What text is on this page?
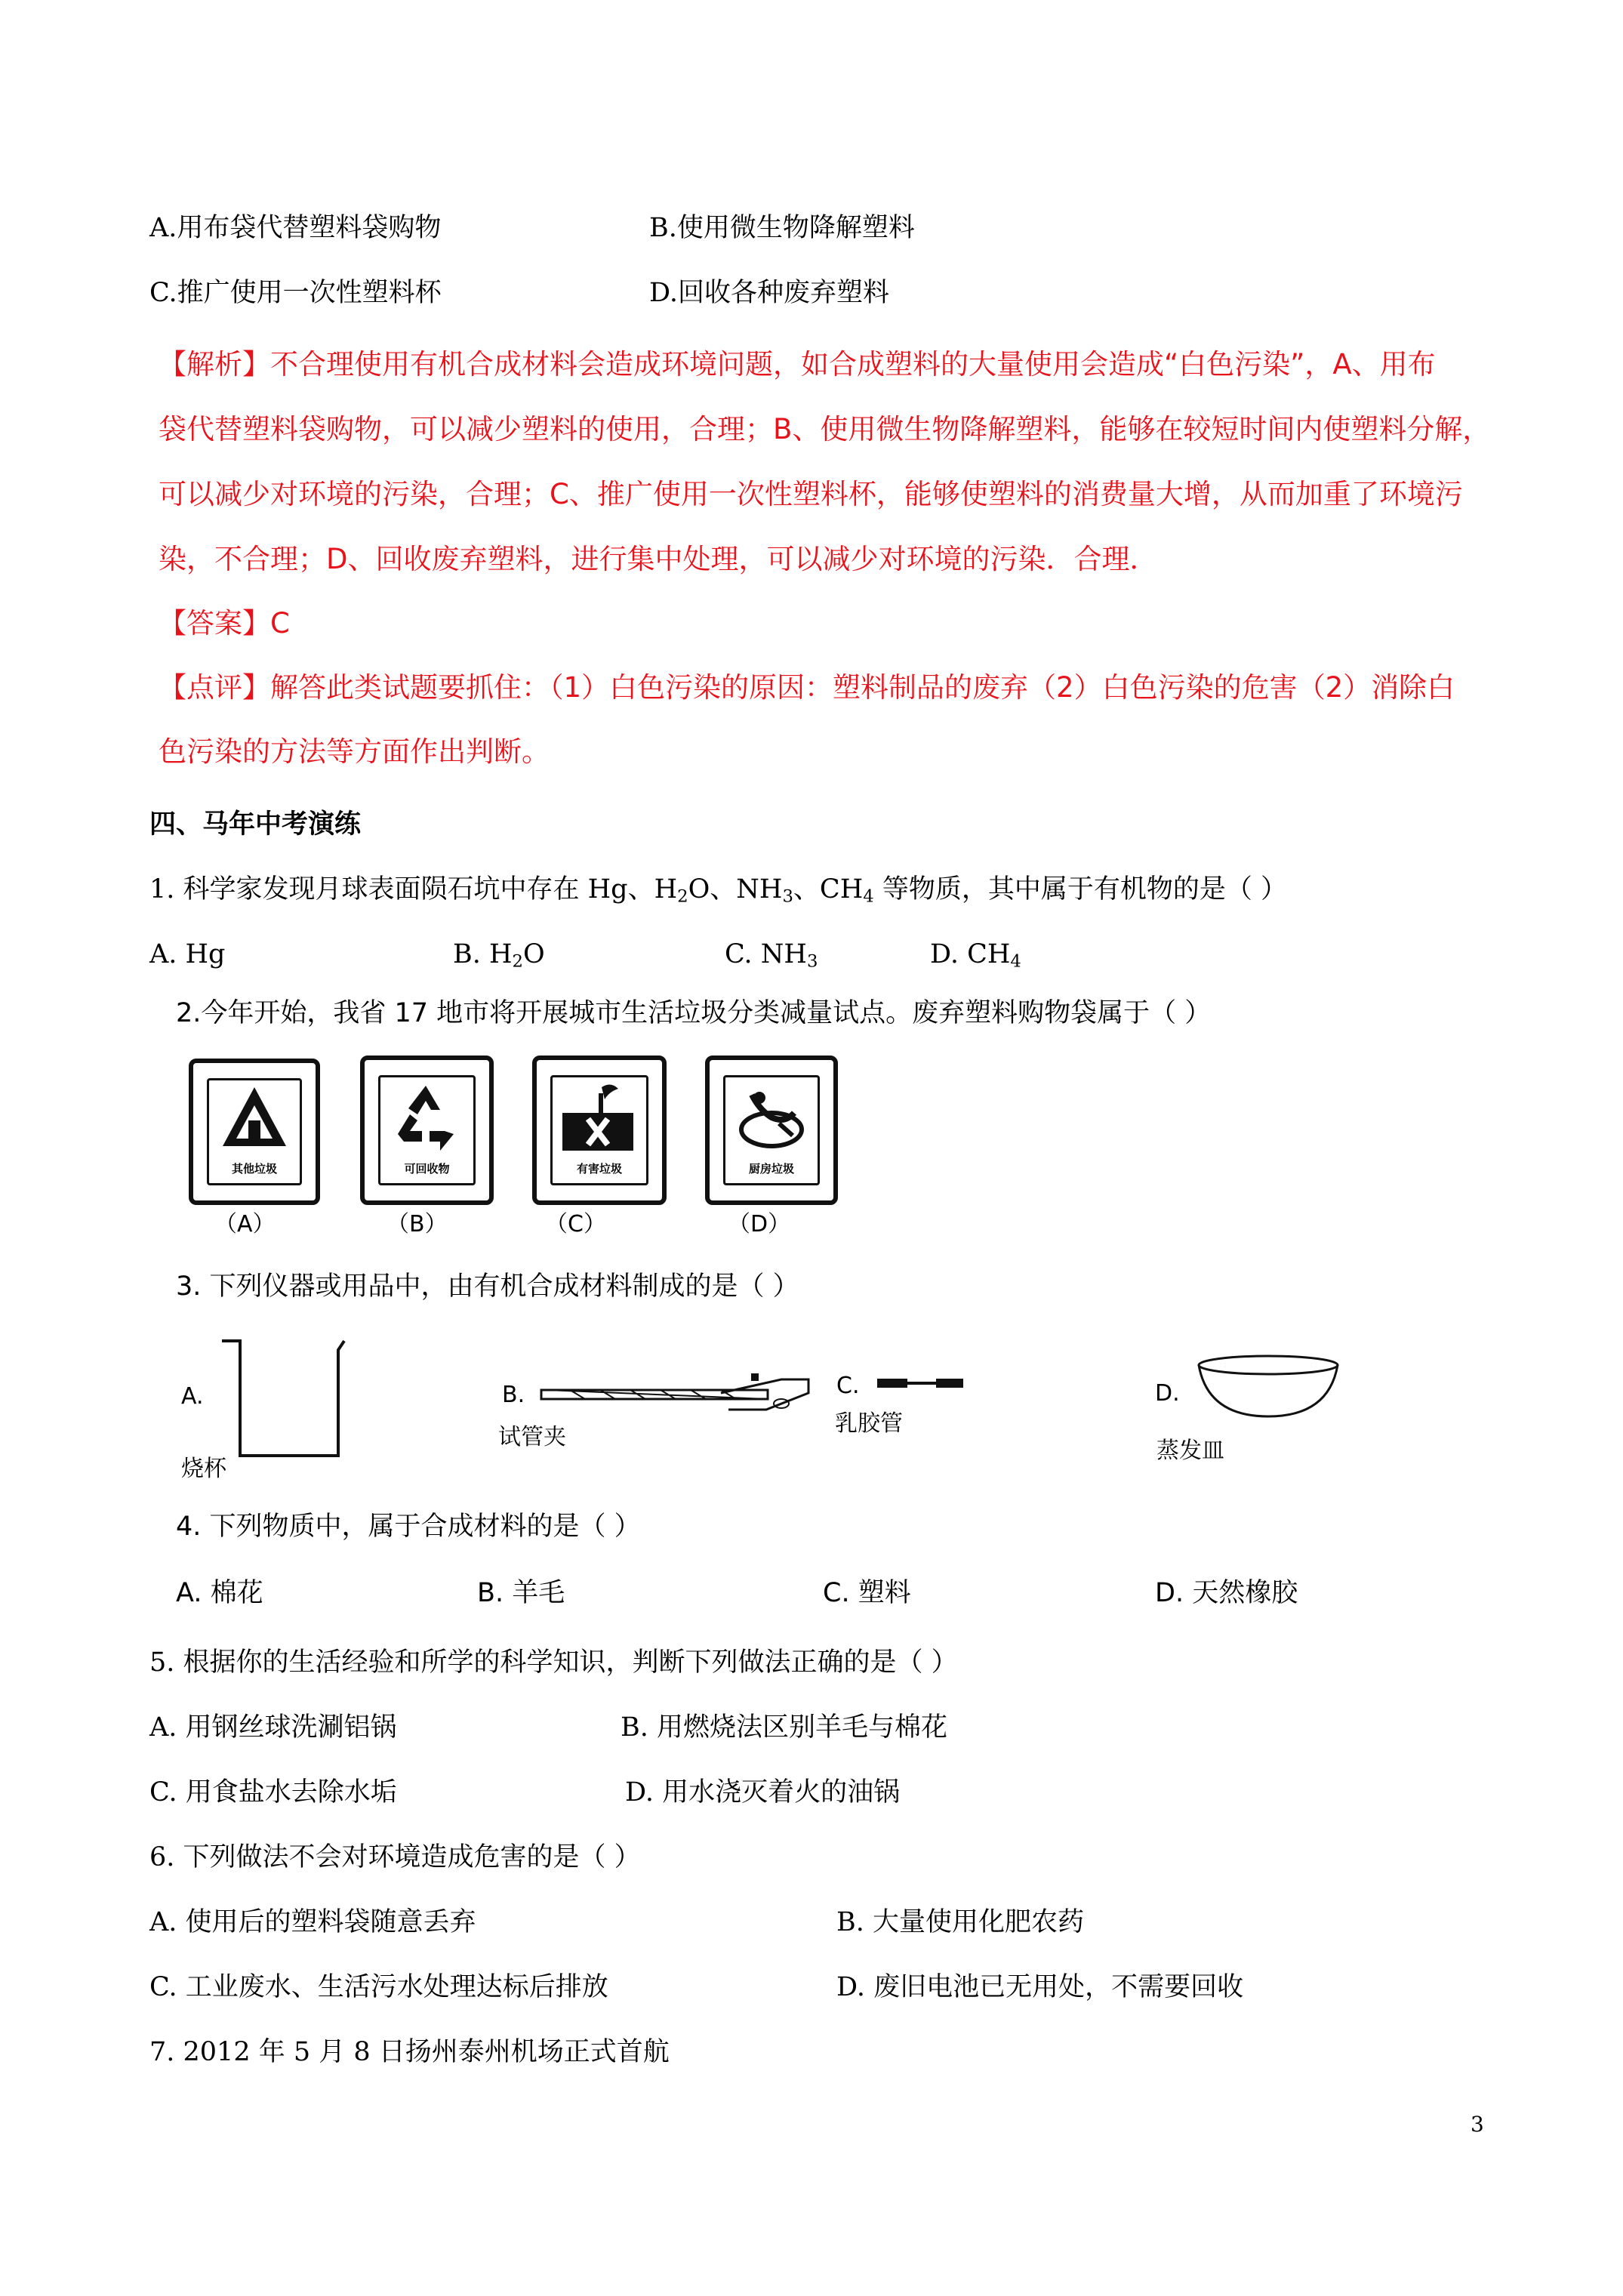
A.用布袋代替塑料袋购物	B.使用微生物降解塑料
C.推广使用一次性塑料杯	D.回收各种废弃塑料
【解析】不合理使用有机合成材料会造成环境问题，如合成塑料的大量使用会造成“白色污染”，A、用布
袋代替塑料袋购物，可以减少塑料的使用，合理；B、使用微生物降解塑料，能够在较短时间内使塑料分解，
可以减少对环境的污染，合理；C、推广使用一次性塑料杯，能够使塑料的消费量大增，从而加重了环境污
染，不合理；D、回收废弃塑料，进行集中处理，可以减少对环境的污染．合理．
【答案】C
【点评】解答此类试题要抓住：（1）白色污染的原因：塑料制品的废弃（2）白色污染的危害（2）消除白
色污染的方法等方面作出判断。
四、马年中考演练
1. 科学家发现月球表面陨石坑中存在 Hg、$H_2O$、$NH_3$、$CH_4$ 等物质，其中属于有机物的是（ ）
A. Hg	B. $H_2O$	C. $NH_3$	D. $CH_4$
2.今年开始，我省 17 地市将开展城市生活垃圾分类减量试点。废弃塑料购物袋属于（ ）
其他垃圾
（A）
可回收物
（B）
有害垃圾
（C）
厨房垃圾
（D）
3. 下列仪器或用品中，由有机合成材料制成的是（ ）
A.
烧杯
B.
试管夹
C.
乳胶管
D.
蒸发皿
4. 下列物质中，属于合成材料的是（ ）
A. 棉花	B. 羊毛	C. 塑料	D. 天然橡胶
5. 根据你的生活经验和所学的科学知识，判断下列做法正确的是（ ）
A. 用钢丝球洗涮铝锅	B. 用燃烧法区别羊毛与棉花
C. 用食盐水去除水垢	D. 用水浇灭着火的油锅
6. 下列做法不会对环境造成危害的是（ ）
A. 使用后的塑料袋随意丢弃	B. 大量使用化肥农药
C. 工业废水、生活污水处理达标后排放	D. 废旧电池已无用处，不需要回收
7. 2012 年 5 月 8 日扬州泰州机场正式首航
3
